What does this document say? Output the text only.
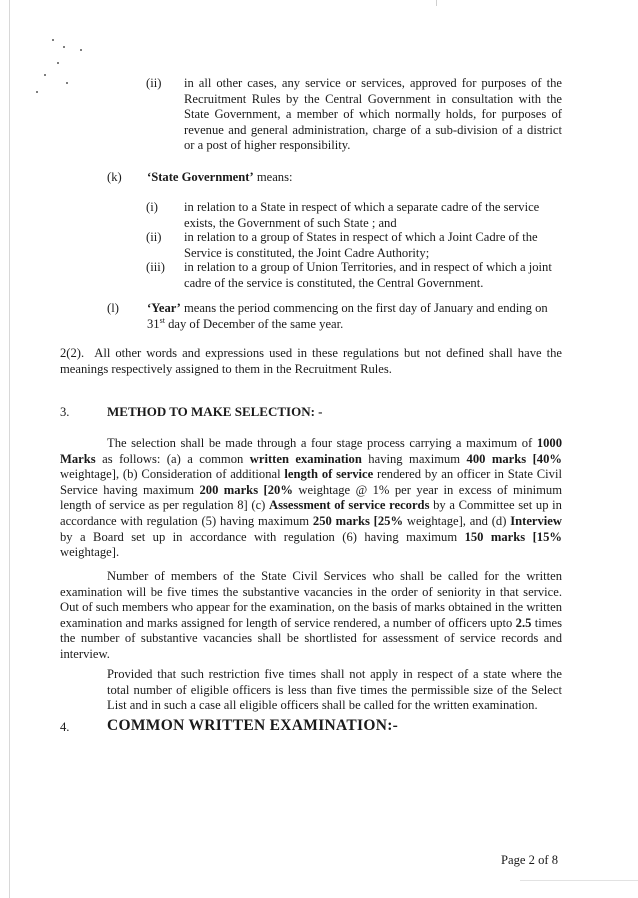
(ii) in all other cases, any service or services, approved for purposes of the Recruitment Rules by the Central Government in consultation with the State Government, a member of which normally holds, for purposes of revenue and general administration, charge of a sub-division of a district or a post of higher responsibility.
(k) ‘State Government’ means:
(i) in relation to a State in respect of which a separate cadre of the service exists, the Government of such State ; and
(ii) in relation to a group of States in respect of which a Joint Cadre of the Service is constituted, the Joint Cadre Authority;
(iii) in relation to a group of Union Territories, and in respect of which a joint cadre of the service is constituted, the Central Government.
(l) ‘Year’ means the period commencing on the first day of January and ending on 31st day of December of the same year.
2(2). All other words and expressions used in these regulations but not defined shall have the meanings respectively assigned to them in the Recruitment Rules.
3.	METHOD TO MAKE SELECTION: -
The selection shall be made through a four stage process carrying a maximum of 1000 Marks as follows: (a) a common written examination having maximum 400 marks [40% weightage], (b) Consideration of additional length of service rendered by an officer in State Civil Service having maximum 200 marks [20% weightage @ 1% per year in excess of minimum length of service as per regulation 8] (c) Assessment of service records by a Committee set up in accordance with regulation (5) having maximum 250 marks [25% weightage], and (d) Interview by a Board set up in accordance with regulation (6) having maximum 150 marks [15% weightage].
Number of members of the State Civil Services who shall be called for the written examination will be five times the substantive vacancies in the order of seniority in that service. Out of such members who appear for the examination, on the basis of marks obtained in the written examination and marks assigned for length of service rendered, a number of officers upto 2.5 times the number of substantive vacancies shall be shortlisted for assessment of service records and interview.
Provided that such restriction five times shall not apply in respect of a state where the total number of eligible officers is less than five times the permissible size of the Select List and in such a case all eligible officers shall be called for the written examination.
4. COMMON WRITTEN EXAMINATION:-
Page 2 of 8
